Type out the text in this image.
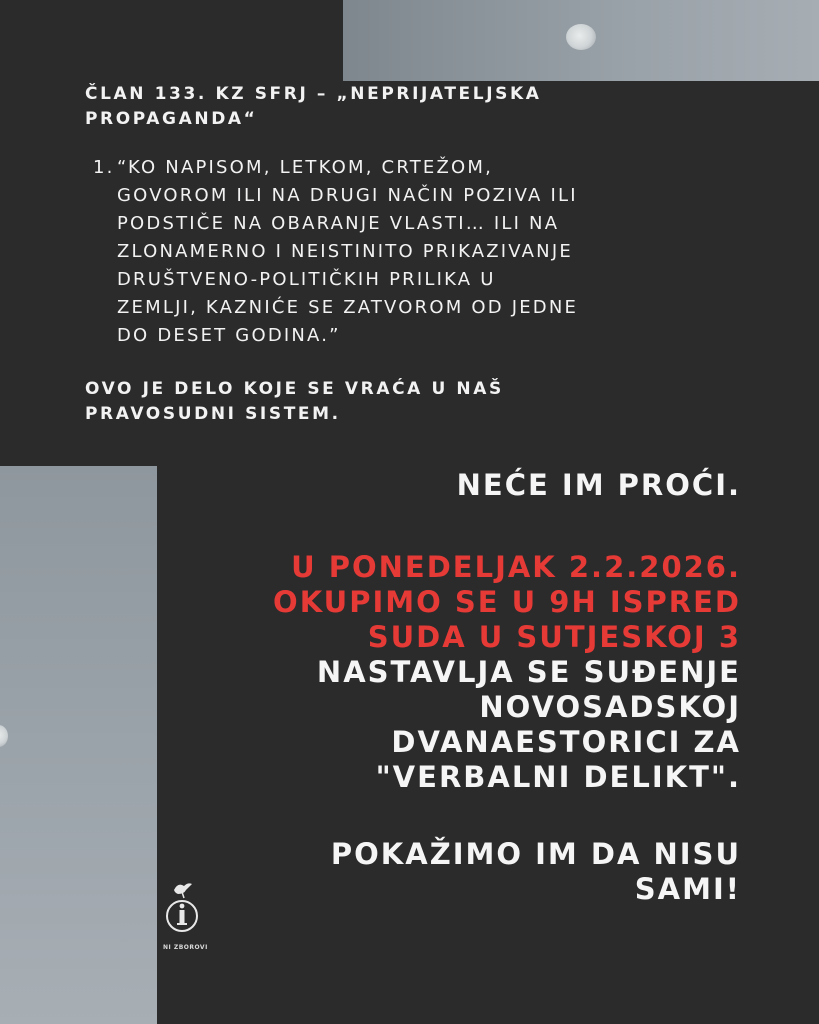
ČLAN 133. KZ SFRJ – „NEPRIJATELJSKA PROPAGANDA“

1. “KO NAPISOM, LETKOM, CRTEŽOM,
GOVOROM ILI NA DRUGI NAČIN POZIVA ILI
PODSTIČE NA OBARANJE VLASTI… ILI NA
ZLONAMERNO I NEISTINITO PRIKAZIVANJE
DRUŠTVENO-POLITIČKIH PRILIKA U
ZEMLJI, KAZNIĆE SE ZATVOROM OD JEDNE
DO DESET GODINA.”
OVO JE DELO KOJE SE VRAĆA U NAŠ
PRAVOSUDNI SISTEM.

NEĆE IM PROĆI.

U PONEDELJAK 2.2.2026.

OKUPIMO SE U 9H ISPRED

SUDA U SUTJESKOJ 3

NASTAVLJA SE SUĐENJE

NOVOSADSKOJ

DVANAESTORICI ZA

"VERBALNI DELIKT".

POKAŽIMO IM DA NISU

SAMI!

NI ZBOROVI
